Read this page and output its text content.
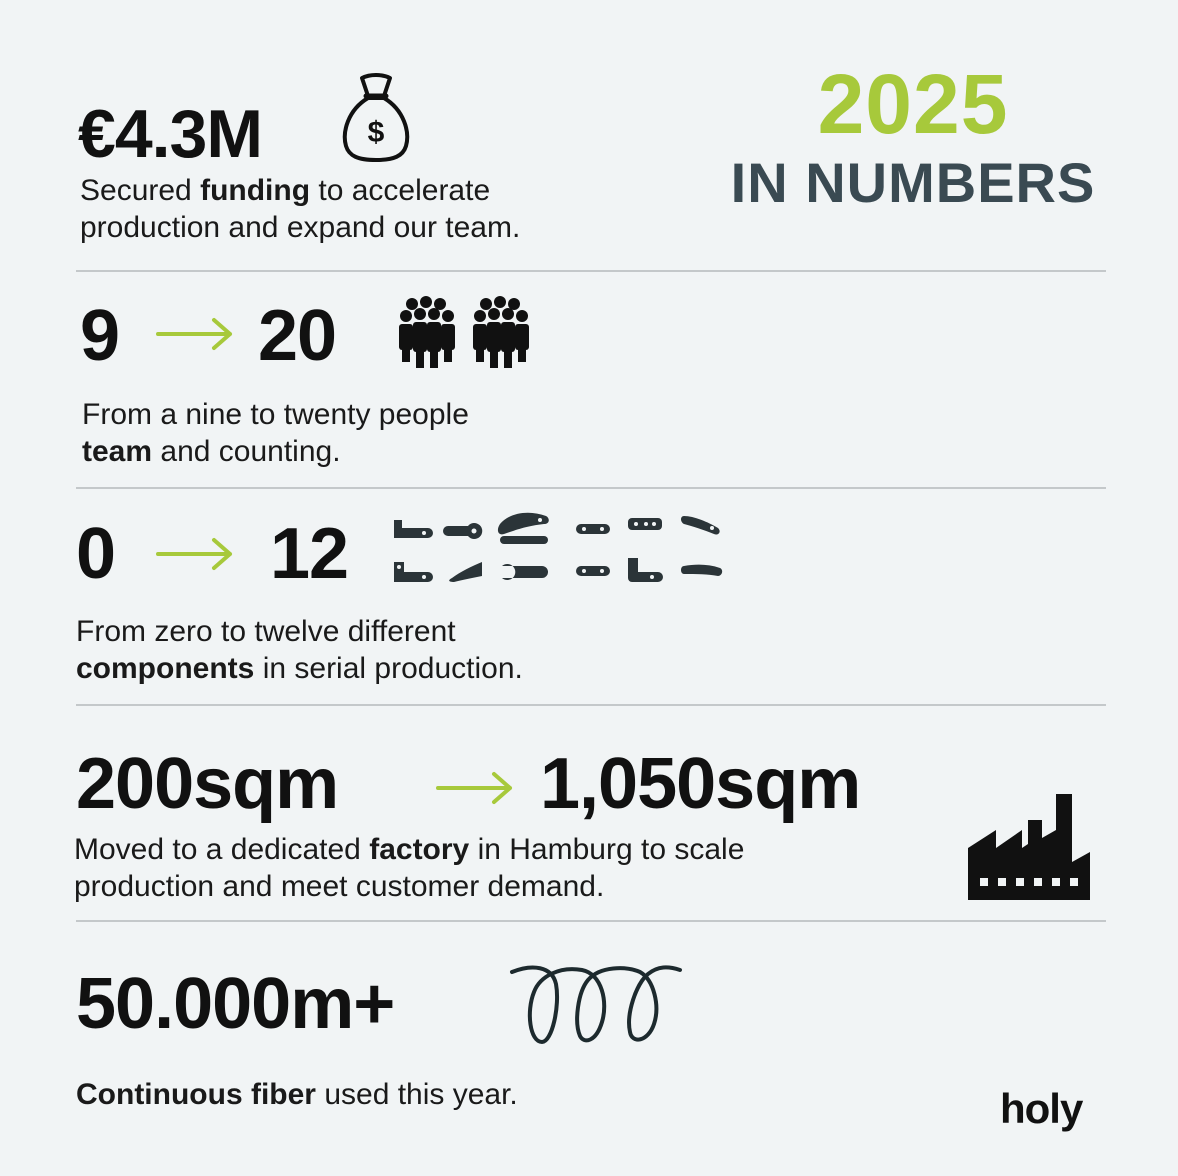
2025
IN NUMBERS
€4.3M	$
Secured funding to accelerate
production and expand our team.
9 20
From a nine to twenty people
team and counting.
0 12
From zero to twelve different
components in serial production.
200sqm	1,050sqm
Moved to a dedicated factory in Hamburg to scale
production and meet customer demand.
50.000m+
Continuous fiber used this year.	holy
